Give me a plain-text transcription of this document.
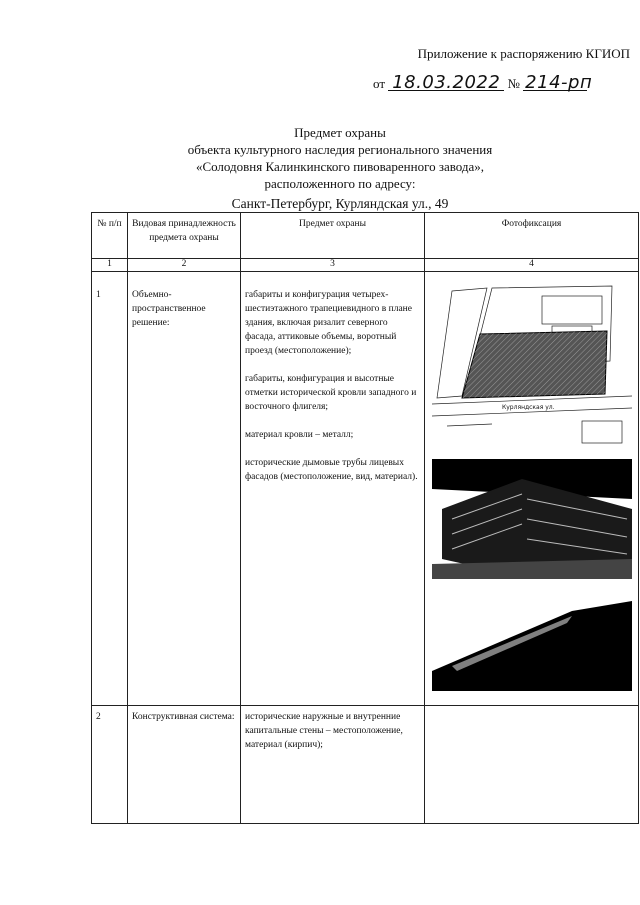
Приложение к распоряжению КГИОП
от 18.03.2022 № 214-рп
Предмет охраны
объекта культурного наследия регионального значения
«Солодовня Калинкинского пивоваренного завода»,
расположенного по адресу:
Санкт-Петербург, Курляндская ул., 49
№ п/п	Видовая принадлежность предмета охраны	Предмет охраны	Фотофиксация
1	2	3	4
1	Объемно-пространственное решение:	габариты и конфигурация четырех-шестиэтажного трапециевидного в плане здания, включая ризалит северного фасада, аттиковые объемы, воротный проезд (местоположение);

габариты, конфигурация и высотные отметки исторической кровли западного и восточного флигеля;

материал кровли – металл;

исторические дымовые трубы лицевых фасадов (местоположение, вид, материал).	Курляндская ул.

2	Конструктивная система:	исторические наружные и внутренние капитальные стены – местоположение, материал (кирпич);	
